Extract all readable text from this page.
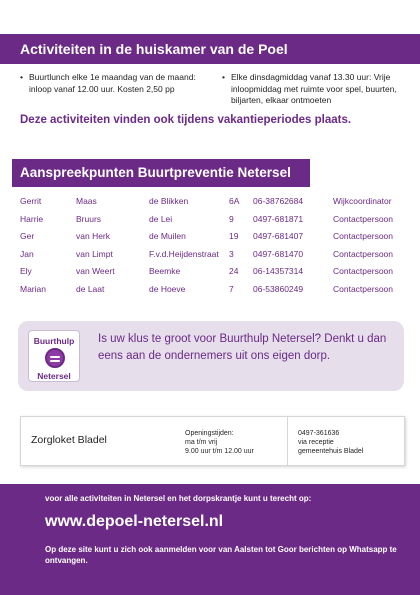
Activiteiten in de huiskamer van de Poel
• Buurtlunch elke 1e maandag van de maand: inloop vanaf 12.00 uur. Kosten 2,50 pp
• Elke dinsdagmiddag vanaf 13.30 uur: Vrije inloopmiddag met ruimte voor spel, buurten, biljarten, elkaar ontmoeten
Deze activiteiten vinden ook tijdens vakantieperiodes plaats.
Aanspreekpunten Buurtpreventie Netersel
Gerrit	Maas	de Blikken	6A 06-38762684	Wijkcoordinator
Harrie	Bruurs	de Lei	9 0497-681871	Contactpersoon
Ger	van Herk	de Muilen	19 0497-681407	Contactpersoon
Jan	van Limpt	F.v.d.Heijdenstraat 3 0497-681470	Contactpersoon
Ely	van Weert	Beemke	24 06-14357314	Contactpersoon
Marian	de Laat	de Hoeve	7 06-53860249	Contactpersoon
Buurthulp
Netersel
Is uw klus te groot voor Buurthulp Netersel? Denkt u dan eens aan de ondernemers uit ons eigen dorp.
Zorgloket Bladel
Openingstijden:
ma t/m vrij
9.00 uur t/m 12.00 uur
0497-361636
via receptie
gemeentehuis Bladel
voor alle activiteiten in Netersel en het dorpskrantje kunt u terecht op:
www.depoel-netersel.nl
Op deze site kunt u zich ook aanmelden voor van Aalsten tot Goor berichten op Whatsapp te ontvangen.
